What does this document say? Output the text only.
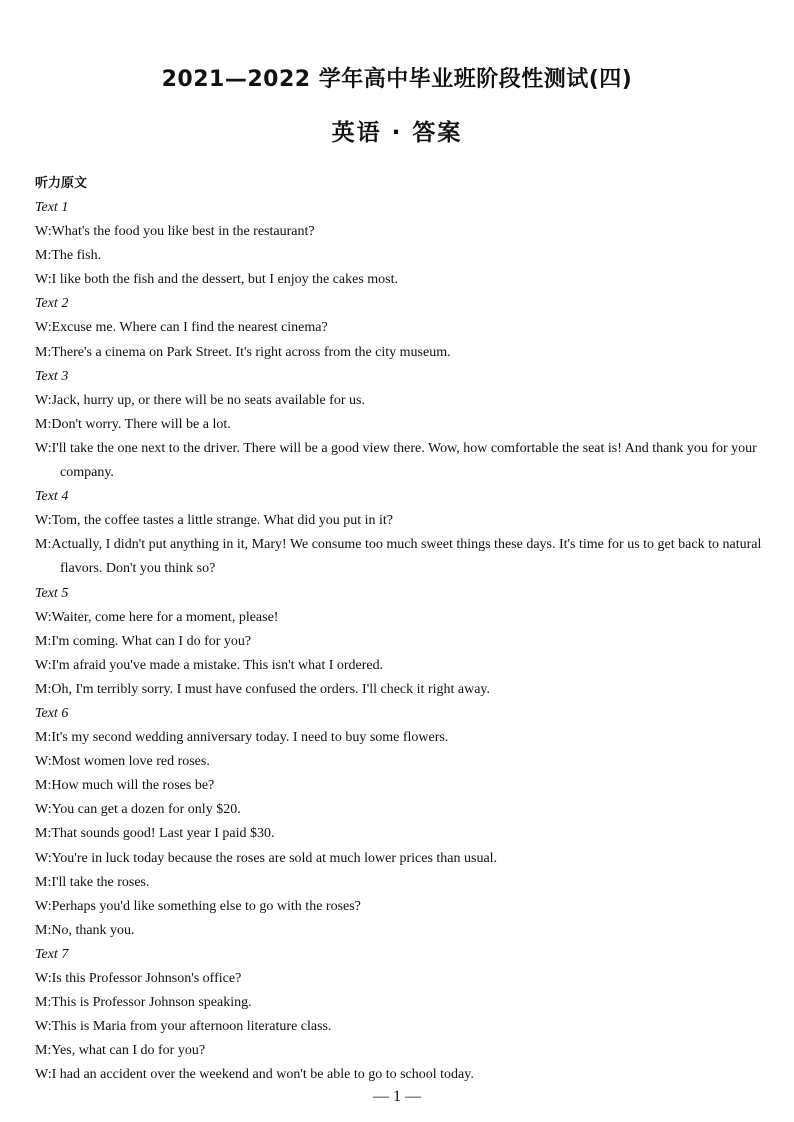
2021—2022 学年高中毕业班阶段性测试(四)
英语 · 答案
听力原文
Text 1
W:What's the food you like best in the restaurant?
M:The fish.
W:I like both the fish and the dessert, but I enjoy the cakes most.
Text 2
W:Excuse me. Where can I find the nearest cinema?
M:There's a cinema on Park Street. It's right across from the city museum.
Text 3
W:Jack, hurry up, or there will be no seats available for us.
M:Don't worry. There will be a lot.
W:I'll take the one next to the driver. There will be a good view there. Wow, how comfortable the seat is! And thank you for your company.
Text 4
W:Tom, the coffee tastes a little strange. What did you put in it?
M:Actually, I didn't put anything in it, Mary! We consume too much sweet things these days. It's time for us to get back to natural flavors. Don't you think so?
Text 5
W:Waiter, come here for a moment, please!
M:I'm coming. What can I do for you?
W:I'm afraid you've made a mistake. This isn't what I ordered.
M:Oh, I'm terribly sorry. I must have confused the orders. I'll check it right away.
Text 6
M:It's my second wedding anniversary today. I need to buy some flowers.
W:Most women love red roses.
M:How much will the roses be?
W:You can get a dozen for only $20.
M:That sounds good! Last year I paid $30.
W:You're in luck today because the roses are sold at much lower prices than usual.
M:I'll take the roses.
W:Perhaps you'd like something else to go with the roses?
M:No, thank you.
Text 7
W:Is this Professor Johnson's office?
M:This is Professor Johnson speaking.
W:This is Maria from your afternoon literature class.
M:Yes, what can I do for you?
W:I had an accident over the weekend and won't be able to go to school today.
— 1 —
